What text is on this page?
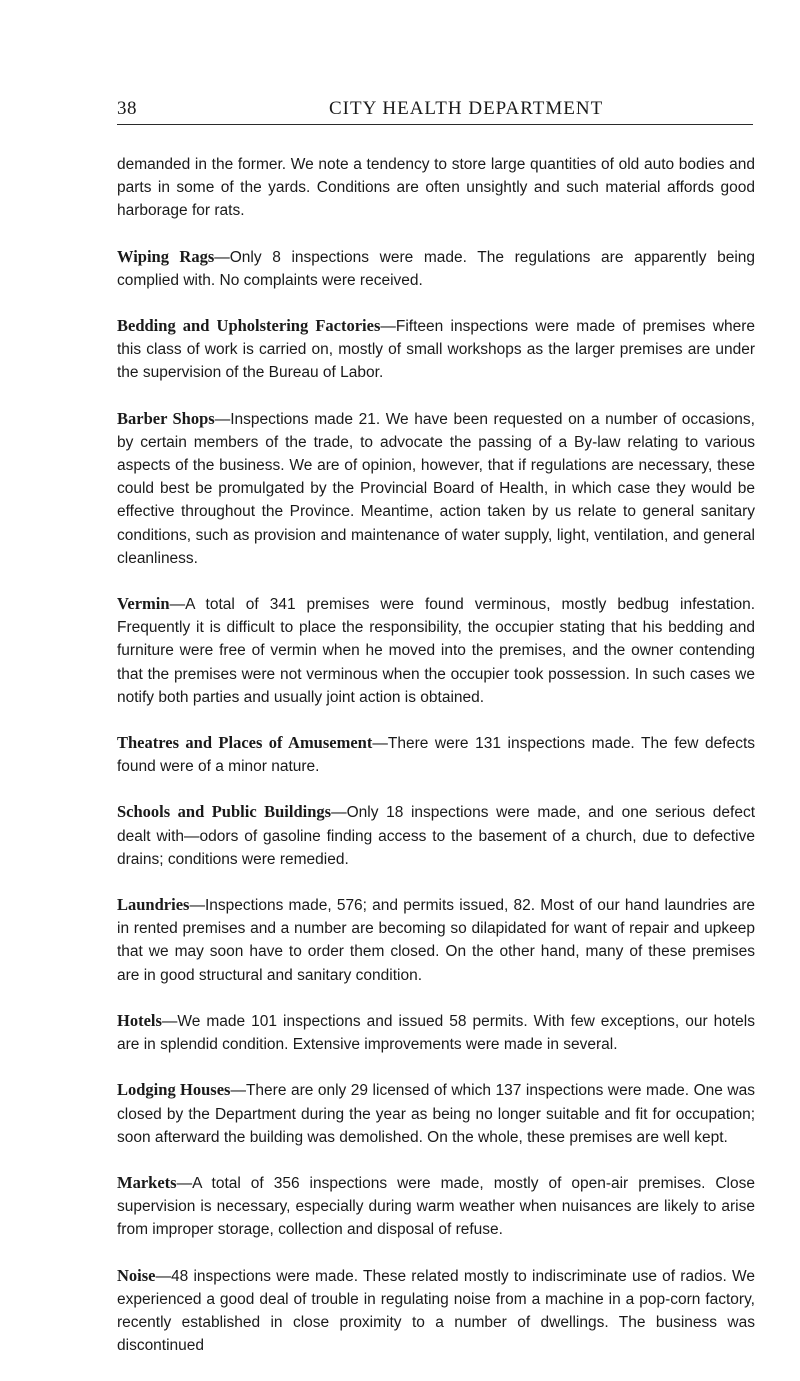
38	CITY HEALTH DEPARTMENT

demanded in the former. We note a tendency to store large quantities of old auto bodies and parts in some of the yards. Conditions are often unsightly and such material affords good harborage for rats.

Wiping Rags—Only 8 inspections were made. The regulations are apparently being complied with. No complaints were received.

Bedding and Upholstering Factories—Fifteen inspections were made of premises where this class of work is carried on, mostly of small workshops as the larger premises are under the supervision of the Bureau of Labor.

Barber Shops—Inspections made 21. We have been requested on a number of occasions, by certain members of the trade, to advocate the passing of a By-law relating to various aspects of the business. We are of opinion, however, that if regulations are necessary, these could best be promulgated by the Provincial Board of Health, in which case they would be effective throughout the Province. Meantime, action taken by us relate to general sanitary conditions, such as provision and maintenance of water supply, light, ventilation, and general cleanliness.

Vermin—A total of 341 premises were found verminous, mostly bedbug infestation. Frequently it is difficult to place the responsibility, the occupier stating that his bedding and furniture were free of vermin when he moved into the premises, and the owner contending that the premises were not verminous when the occupier took possession. In such cases we notify both parties and usually joint action is obtained.

Theatres and Places of Amusement—There were 131 inspections made. The few defects found were of a minor nature.

Schools and Public Buildings—Only 18 inspections were made, and one serious defect dealt with—odors of gasoline finding access to the basement of a church, due to defective drains; conditions were remedied.

Laundries—Inspections made, 576; and permits issued, 82. Most of our hand laundries are in rented premises and a number are becoming so dilapidated for want of repair and upkeep that we may soon have to order them closed. On the other hand, many of these premises are in good structural and sanitary condition.

Hotels—We made 101 inspections and issued 58 permits. With few exceptions, our hotels are in splendid condition. Extensive improvements were made in several.

Lodging Houses—There are only 29 licensed of which 137 inspections were made. One was closed by the Department during the year as being no longer suitable and fit for occupation; soon afterward the building was demolished. On the whole, these premises are well kept.

Markets—A total of 356 inspections were made, mostly of open-air premises. Close supervision is necessary, especially during warm weather when nuisances are likely to arise from improper storage, collection and disposal of refuse.

Noise—48 inspections were made. These related mostly to indiscriminate use of radios. We experienced a good deal of trouble in regulating noise from a machine in a pop-corn factory, recently established in close proximity to a number of dwellings. The business was discontinued
